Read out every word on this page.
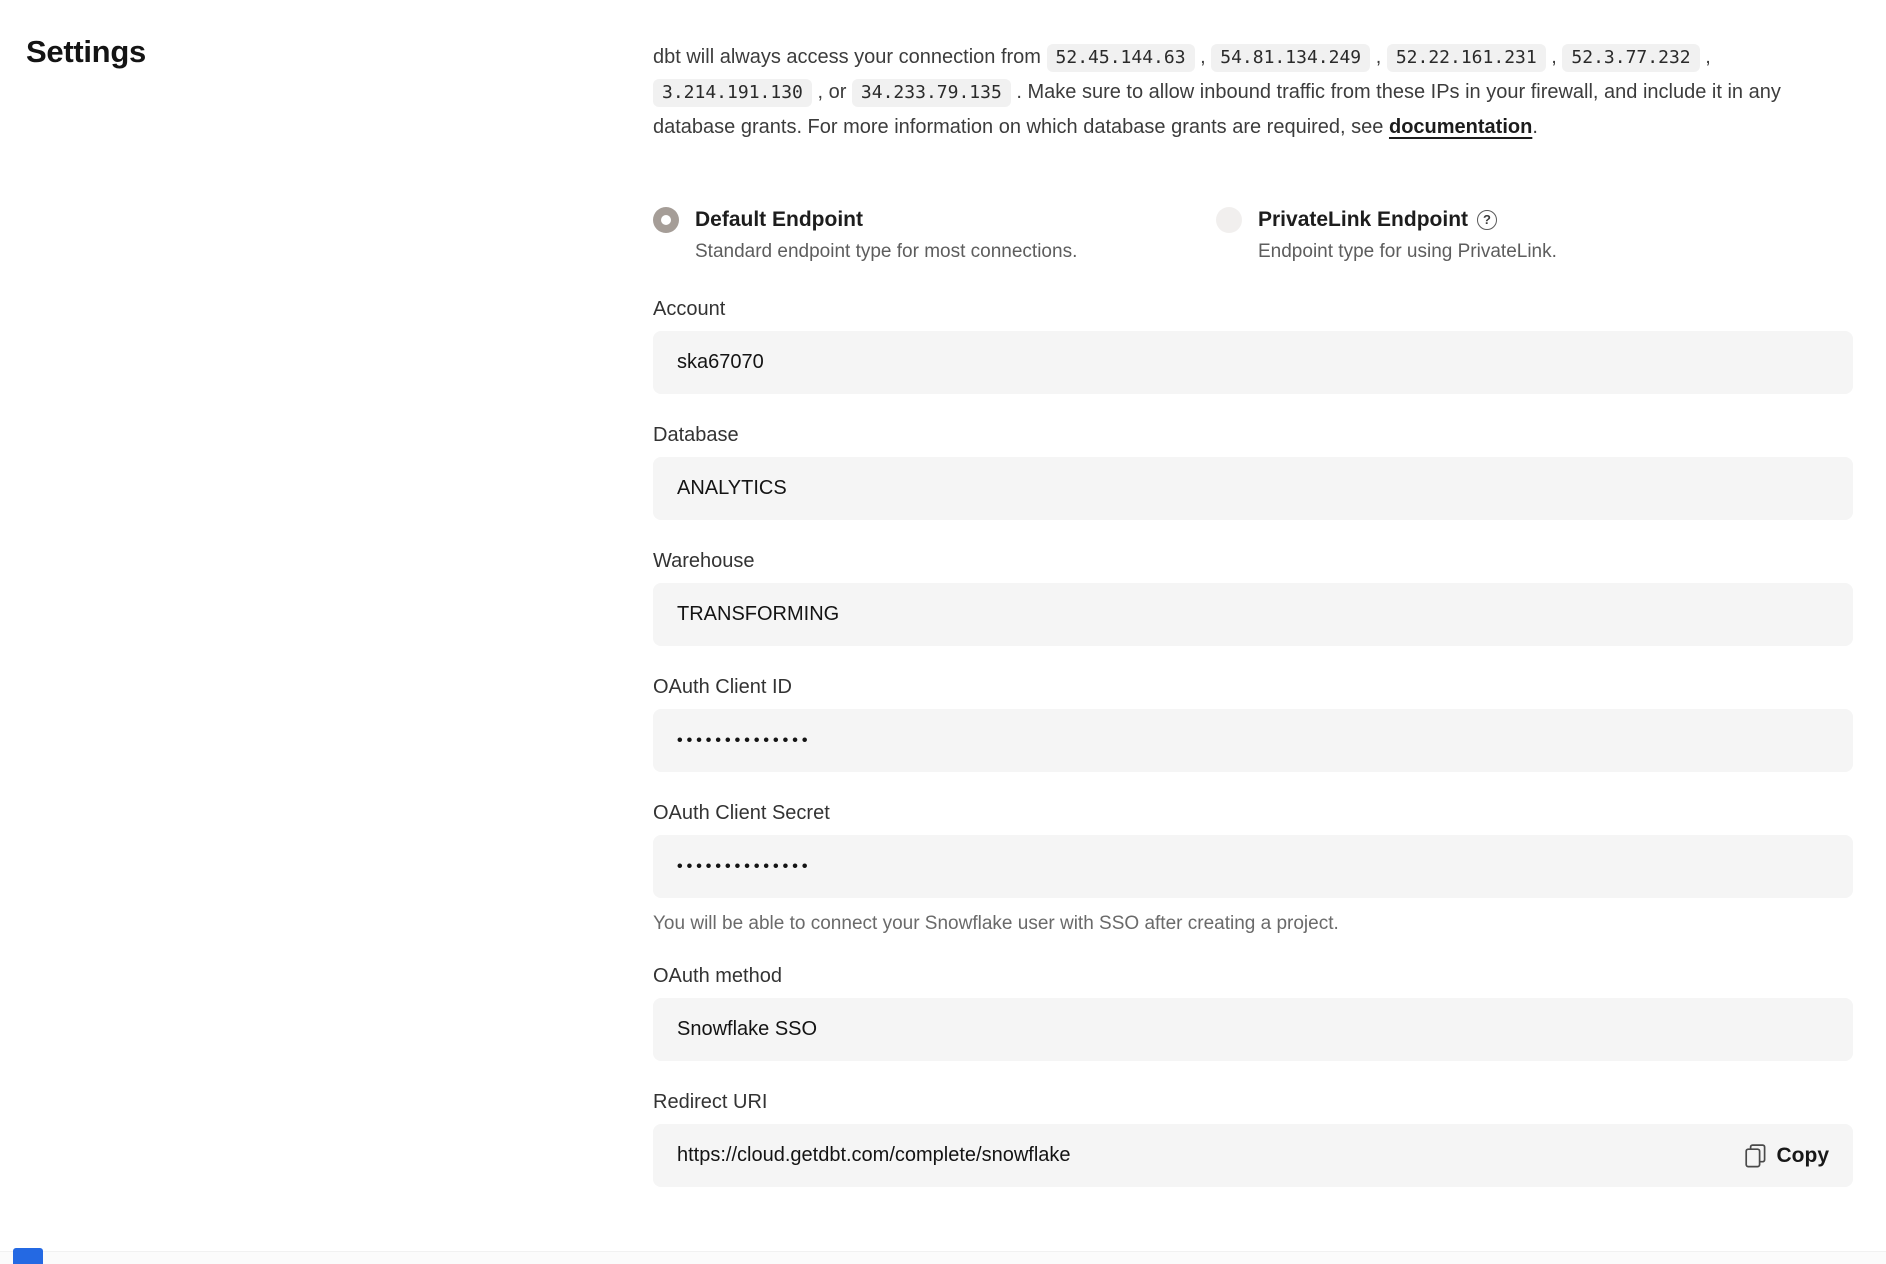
Settings	dbt will always access your connection from 52.45.144.63 , 54.81.134.249 , 52.22.161.231 , 52.3.77.232 , 3.214.191.130 , or 34.233.79.135 . Make sure to allow inbound traffic from these IPs in your firewall, and include it in any database grants. For more information on which database grants are required, see documentation.

Default Endpoint
Standard endpoint type for most connections.
PrivateLink Endpoint	?
Endpoint type for using PrivateLink.
Account
ska67070
Database
ANALYTICS
Warehouse
TRANSFORMING
OAuth Client ID
••••••••••••••
OAuth Client Secret
••••••••••••••
You will be able to connect your Snowflake user with SSO after creating a project.
OAuth method
Snowflake SSO
Redirect URI
https://cloud.getdbt.com/complete/snowflake	Copy
